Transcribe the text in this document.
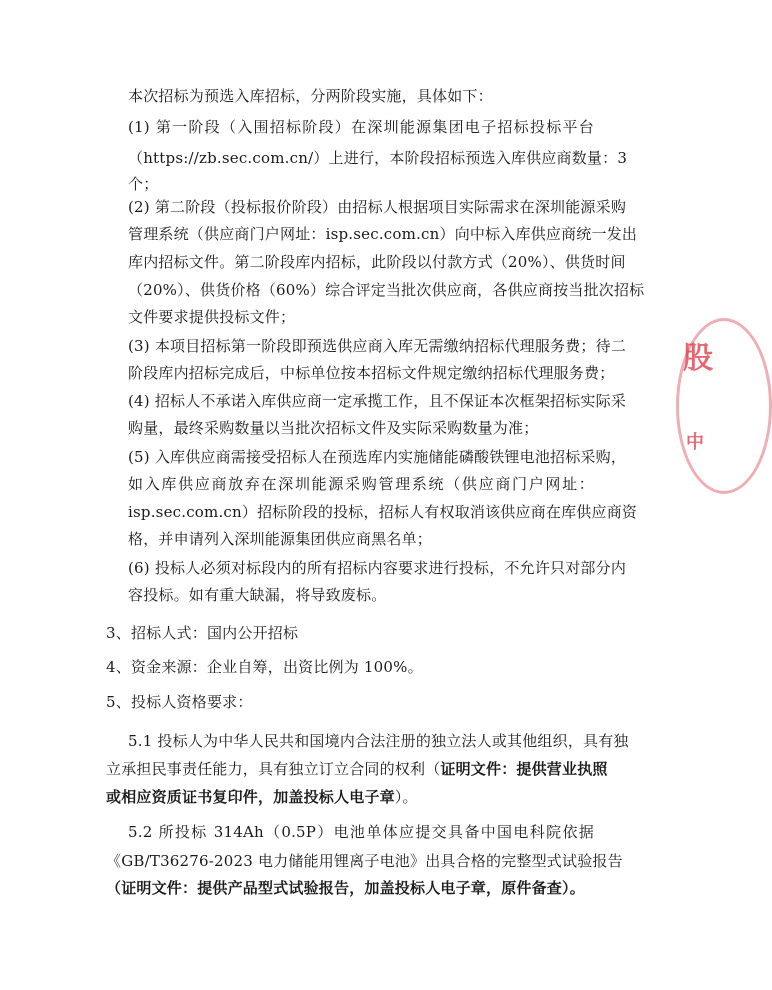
本次招标为预选入库招标，分两阶段实施，具体如下：
(1) 第一阶段（入围招标阶段）在深圳能源集团电子招标投标平台
（https://zb.sec.com.cn/）上进行，本阶段招标预选入库供应商数量：3
个；
(2) 第二阶段（投标报价阶段）由招标人根据项目实际需求在深圳能源采购
管理系统（供应商门户网址：isp.sec.com.cn）向中标入库供应商统一发出
库内招标文件。第二阶段库内招标，此阶段以付款方式（20%）、供货时间
（20%）、供货价格（60%）综合评定当批次供应商，各供应商按当批次招标
文件要求提供投标文件；
(3) 本项目招标第一阶段即预选供应商入库无需缴纳招标代理服务费；待二
阶段库内招标完成后，中标单位按本招标文件规定缴纳招标代理服务费；
(4) 招标人不承诺入库供应商一定承揽工作，且不保证本次框架招标实际采
购量，最终采购数量以当批次招标文件及实际采购数量为准；
(5) 入库供应商需接受招标人在预选库内实施储能磷酸铁锂电池招标采购，
如入库供应商放弃在深圳能源采购管理系统（供应商门户网址：
isp.sec.com.cn）招标阶段的投标，招标人有权取消该供应商在库供应商资
格，并申请列入深圳能源集团供应商黑名单；
(6) 投标人必须对标段内的所有招标内容要求进行投标，不允许只对部分内
容投标。如有重大缺漏，将导致废标。
3、招标人式：国内公开招标
4、资金来源：企业自筹，出资比例为 100%。
5、投标人资格要求：
5.1 投标人为中华人民共和国境内合法注册的独立法人或其他组织，具有独
立承担民事责任能力，具有独立订立合同的权利（证明文件：提供营业执照
或相应资质证书复印件，加盖投标人电子章）。
5.2 所投标 314Ah（0.5P）电池单体应提交具备中国电科院依据
《GB/T36276-2023 电力储能用锂离子电池》出具合格的完整型式试验报告
（证明文件：提供产品型式试验报告，加盖投标人电子章，原件备查）。
股
中
